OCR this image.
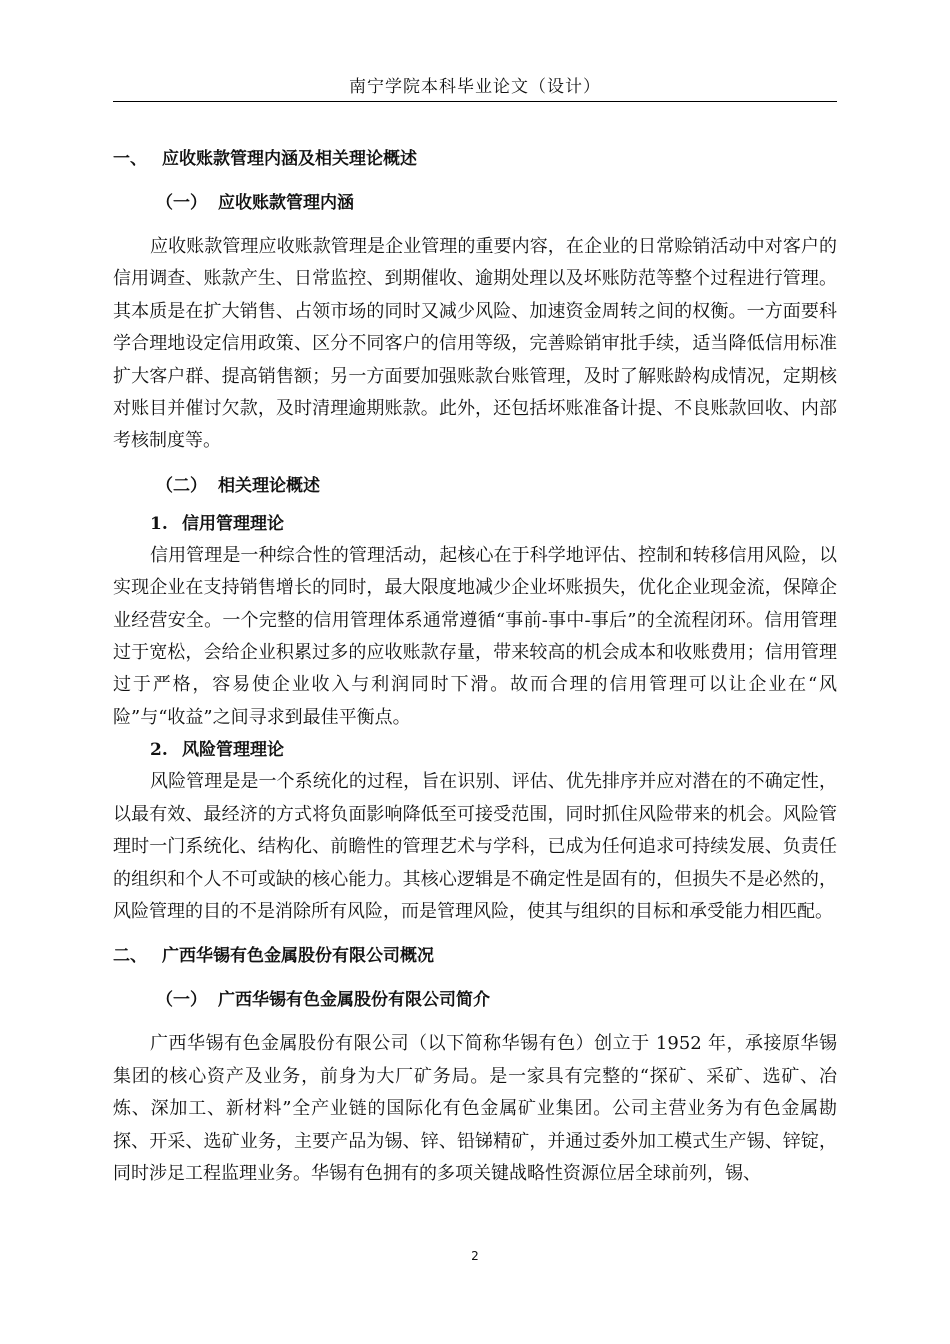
南宁学院本科毕业论文（设计）
一、 应收账款管理内涵及相关理论概述
（一） 应收账款管理内涵

应收账款管理应收账款管理是企业管理的重要内容，在企业的日常赊销活动中对客户的信用调查、账款产生、日常监控、到期催收、逾期处理以及坏账防范等整个过程进行管理。其本质是在扩大销售、占领市场的同时又减少风险、加速资金周转之间的权衡。一方面要科学合理地设定信用政策、区分不同客户的信用等级，完善赊销审批手续，适当降低信用标准扩大客户群、提高销售额；另一方面要加强账款台账管理，及时了解账龄构成情况，定期核对账目并催讨欠款，及时清理逾期账款。此外，还包括坏账准备计提、不良账款回收、内部考核制度等。

（二） 相关理论概述
1. 信用管理理论

信用管理是一种综合性的管理活动，起核心在于科学地评估、控制和转移信用风险，以实现企业在支持销售增长的同时，最大限度地减少企业坏账损失，优化企业现金流，保障企业经营安全。一个完整的信用管理体系通常遵循“事前-事中-事后”的全流程闭环。信用管理过于宽松，会给企业积累过多的应收账款存量，带来较高的机会成本和收账费用；信用管理过于严格，容易使企业收入与利润同时下滑。故而合理的信用管理可以让企业在“风险”与“收益”之间寻求到最佳平衡点。

2. 风险管理理论

风险管理是是一个系统化的过程，旨在识别、评估、优先排序并应对潜在的不确定性，以最有效、最经济的方式将负面影响降低至可接受范围，同时抓住风险带来的机会。风险管理时一门系统化、结构化、前瞻性的管理艺术与学科，已成为任何追求可持续发展、负责任的组织和个人不可或缺的核心能力。其核心逻辑是不确定性是固有的，但损失不是必然的，风险管理的目的不是消除所有风险，而是管理风险，使其与组织的目标和承受能力相匹配。

二、 广西华锡有色金属股份有限公司概况
（一） 广西华锡有色金属股份有限公司简介

广西华锡有色金属股份有限公司（以下简称华锡有色）创立于 1952 年，承接原华锡集团的核心资产及业务，前身为大厂矿务局。是一家具有完整的“探矿、采矿、选矿、冶炼、深加工、新材料”全产业链的国际化有色金属矿业集团。公司主营业务为有色金属勘探、开采、选矿业务，主要产品为锡、锌、铅锑精矿，并通过委外加工模式生产锡、锌锭，同时涉足工程监理业务。华锡有色拥有的多项关键战略性资源位居全球前列，锡、

2
